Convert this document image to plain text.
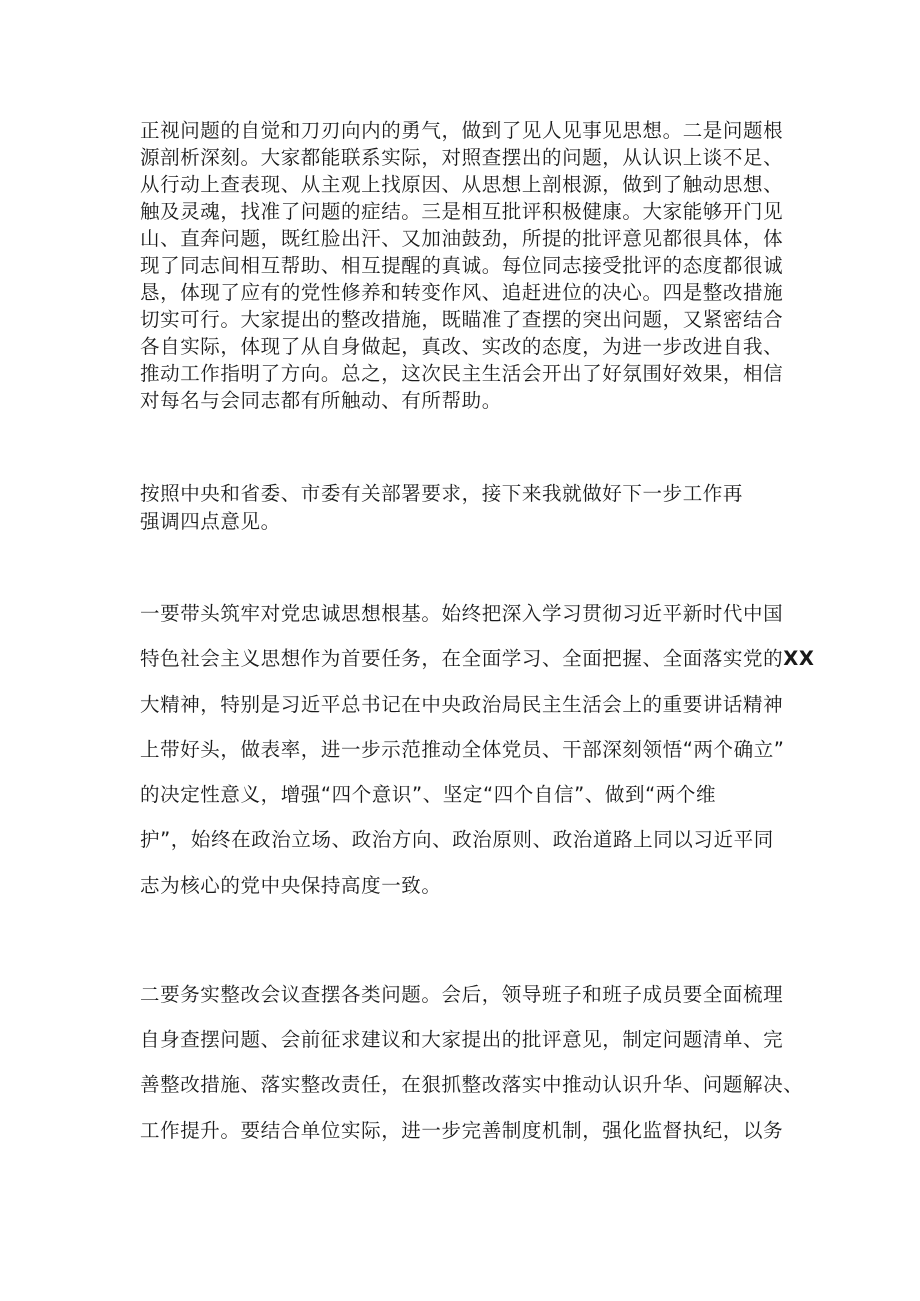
正视问题的自觉和刀刃向内的勇气，做到了见人见事见思想。二是问题根
源剖析深刻。大家都能联系实际，对照查摆出的问题，从认识上谈不足、
从行动上查表现、从主观上找原因、从思想上剖根源，做到了触动思想、
触及灵魂，找准了问题的症结。三是相互批评积极健康。大家能够开门见
山、直奔问题，既红脸出汗、又加油鼓劲，所提的批评意见都很具体，体
现了同志间相互帮助、相互提醒的真诚。每位同志接受批评的态度都很诚
恳，体现了应有的党性修养和转变作风、追赶进位的决心。四是整改措施
切实可行。大家提出的整改措施，既瞄准了查摆的突出问题，又紧密结合
各自实际，体现了从自身做起，真改、实改的态度，为进一步改进自我、
推动工作指明了方向。总之，这次民主生活会开出了好氛围好效果，相信
对每名与会同志都有所触动、有所帮助。
按照中央和省委、市委有关部署要求，接下来我就做好下一步工作再
强调四点意见。
一要带头筑牢对党忠诚思想根基。始终把深入学习贯彻习近平新时代中国
特色社会主义思想作为首要任务，在全面学习、全面把握、全面落实党的XX
大精神，特别是习近平总书记在中央政治局民主生活会上的重要讲话精神
上带好头，做表率，进一步示范推动全体党员、干部深刻领悟“两个确立”
的决定性意义，增强“四个意识”、坚定“四个自信”、做到“两个维
护”，始终在政治立场、政治方向、政治原则、政治道路上同以习近平同
志为核心的党中央保持高度一致。
二要务实整改会议查摆各类问题。会后，领导班子和班子成员要全面梳理
自身查摆问题、会前征求建议和大家提出的批评意见，制定问题清单、完
善整改措施、落实整改责任，在狠抓整改落实中推动认识升华、问题解决、
工作提升。要结合单位实际，进一步完善制度机制，强化监督执纪，以务
